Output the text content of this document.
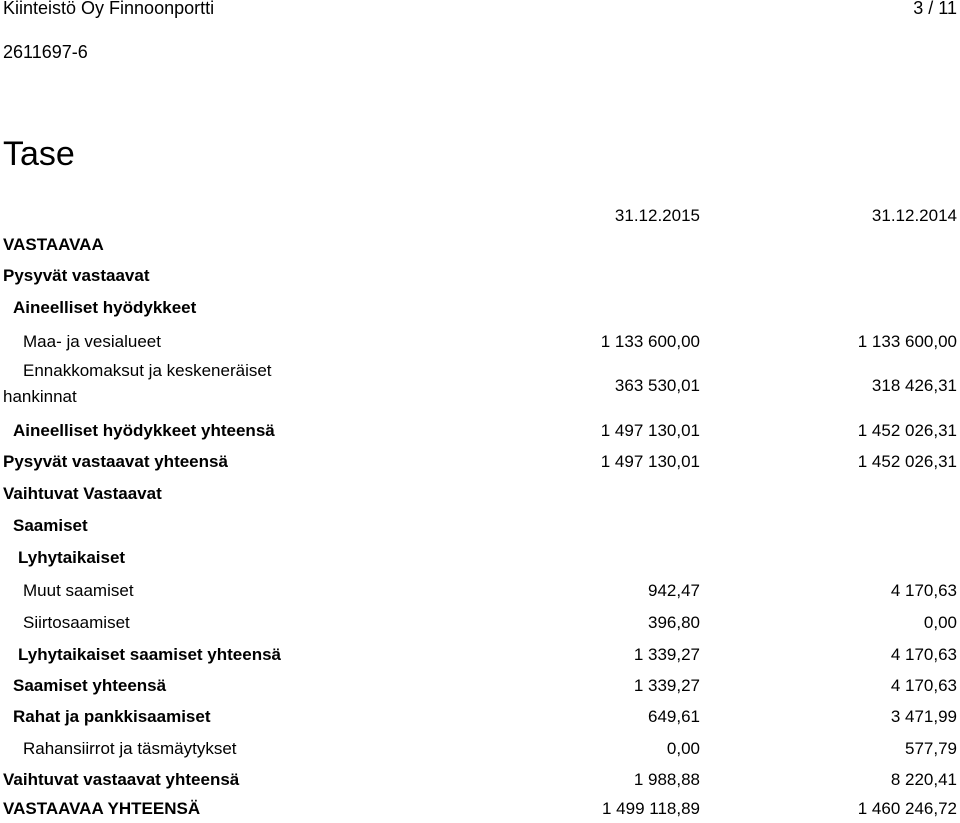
Kiinteistö Oy Finnoonportti	3 / 11
2611697-6
Tase
31.12.2015	31.12.2014
VASTAAVAA
Pysyvät vastaavat
Aineelliset hyödykkeet
Maa- ja vesialueet	1 133 600,00	1 133 600,00
Ennakkomaksut ja keskeneräiset
hankinnat
363 530,01	318 426,31
Aineelliset hyödykkeet yhteensä	1 497 130,01	1 452 026,31
Pysyvät vastaavat yhteensä	1 497 130,01	1 452 026,31
Vaihtuvat Vastaavat
Saamiset
Lyhytaikaiset
Muut saamiset	942,47	4 170,63
Siirtosaamiset	396,80	0,00
Lyhytaikaiset saamiset yhteensä	1 339,27	4 170,63
Saamiset yhteensä	1 339,27	4 170,63
Rahat ja pankkisaamiset	649,61	3 471,99
Rahansiirrot ja täsmäytykset	0,00	577,79
Vaihtuvat vastaavat yhteensä	1 988,88	8 220,41
VASTAAVAA YHTEENSÄ	1 499 118,89	1 460 246,72
